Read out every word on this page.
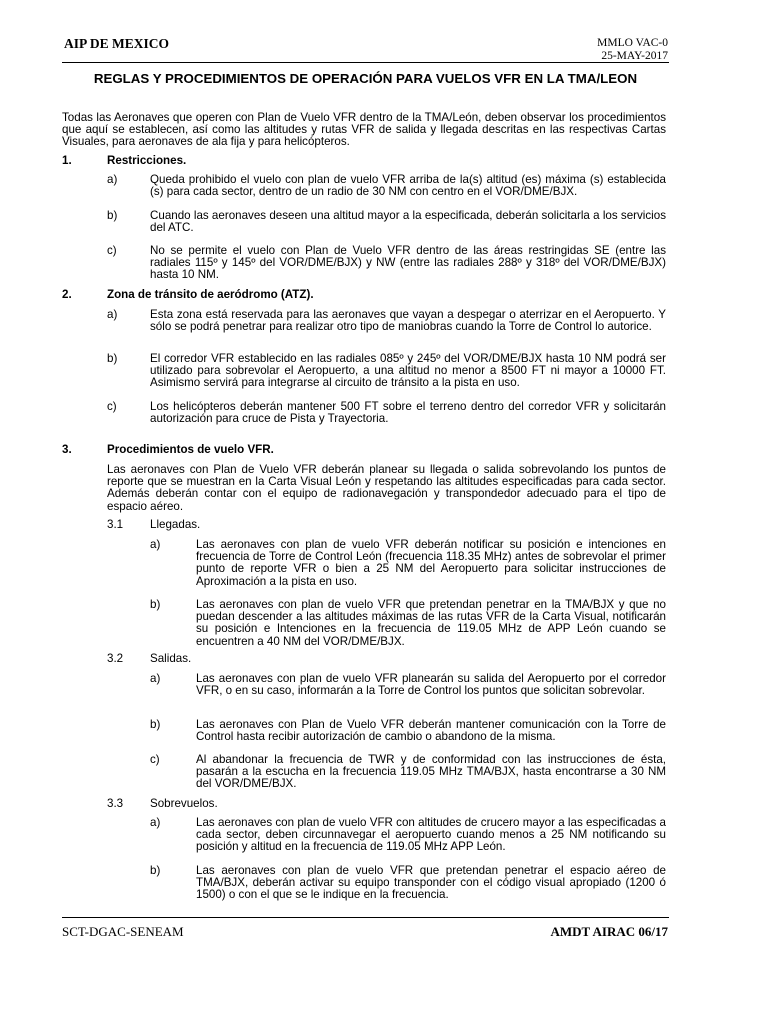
AIP DE MEXICO	MMLO VAC-0
25-MAY-2017
REGLAS Y PROCEDIMIENTOS DE OPERACIÓN PARA VUELOS VFR EN LA TMA/LEON
Todas las Aeronaves que operen con Plan de Vuelo VFR dentro de la TMA/León, deben observar los procedimientos que aquí se establecen, así como las altitudes y rutas VFR de salida y llegada descritas en las respectivas Cartas Visuales, para aeronaves de ala fija y para helicópteros.
1.	Restricciones.
a)	Queda prohibido el vuelo con plan de vuelo VFR arriba de la(s) altitud (es) máxima (s) establecida (s) para cada sector, dentro de un radio de 30 NM con centro en el VOR/DME/BJX.
b)	Cuando las aeronaves deseen una altitud mayor a la especificada, deberán solicitarla a los servicios del ATC.
c)	No se permite el vuelo con Plan de Vuelo VFR dentro de las áreas restringidas SE (entre las radiales 115º y 145º del VOR/DME/BJX) y NW (entre las radiales 288º y 318º del VOR/DME/BJX) hasta 10 NM.
2.	Zona de tránsito de aeródromo (ATZ).
a)	Esta zona está reservada para las aeronaves que vayan a despegar o aterrizar en el Aeropuerto. Y sólo se podrá penetrar para realizar otro tipo de maniobras cuando la Torre de Control lo autorice.
b)	El corredor VFR establecido en las radiales 085º y 245º del VOR/DME/BJX hasta 10 NM podrá ser utilizado para sobrevolar el Aeropuerto, a una altitud no menor a 8500 FT ni mayor a 10000 FT. Asimismo servirá para integrarse al circuito de tránsito a la pista en uso.
c)	Los helicópteros deberán mantener 500 FT sobre el terreno dentro del corredor VFR y solicitarán autorización para cruce de Pista y Trayectoria.
3.	Procedimientos de vuelo VFR.
Las aeronaves con Plan de Vuelo VFR deberán planear su llegada o salida sobrevolando los puntos de reporte que se muestran en la Carta Visual León y respetando las altitudes especificadas para cada sector. Además deberán contar con el equipo de radionavegación y transpondedor adecuado para el tipo de espacio aéreo.
3.1 Llegadas.
a)	Las aeronaves con plan de vuelo VFR deberán notificar su posición e intenciones en frecuencia de Torre de Control León (frecuencia 118.35 MHz) antes de sobrevolar el primer punto de reporte VFR o bien a 25 NM del Aeropuerto para solicitar instrucciones de Aproximación a la pista en uso.
b)	Las aeronaves con plan de vuelo VFR que pretendan penetrar en la TMA/BJX y que no puedan descender a las altitudes máximas de las rutas VFR de la Carta Visual, notificarán su posición e Intenciones en la frecuencia de 119.05 MHz de APP León cuando se encuentren a 40 NM del VOR/DME/BJX.
3.2 Salidas.
a)	Las aeronaves con plan de vuelo VFR planearán su salida del Aeropuerto por el corredor VFR, o en su caso, informarán a la Torre de Control los puntos que solicitan sobrevolar.
b)	Las aeronaves con Plan de Vuelo VFR deberán mantener comunicación con la Torre de Control hasta recibir autorización de cambio o abandono de la misma.
c)	Al abandonar la frecuencia de TWR y de conformidad con las instrucciones de ésta, pasarán a la escucha en la frecuencia 119.05 MHz TMA/BJX, hasta encontrarse a 30 NM del VOR/DME/BJX.
3.3 Sobrevuelos.
a)	Las aeronaves con plan de vuelo VFR con altitudes de crucero mayor a las especificadas a cada sector, deben circunnavegar el aeropuerto cuando menos a 25 NM notificando su posición y altitud en la frecuencia de 119.05 MHz APP León.
b)	Las aeronaves con plan de vuelo VFR que pretendan penetrar el espacio aéreo de TMA/BJX, deberán activar su equipo transponder con el código visual apropiado (1200 ó 1500) o con el que se le indique en la frecuencia.
SCT-DGAC-SENEAM	AMDT AIRAC 06/17
